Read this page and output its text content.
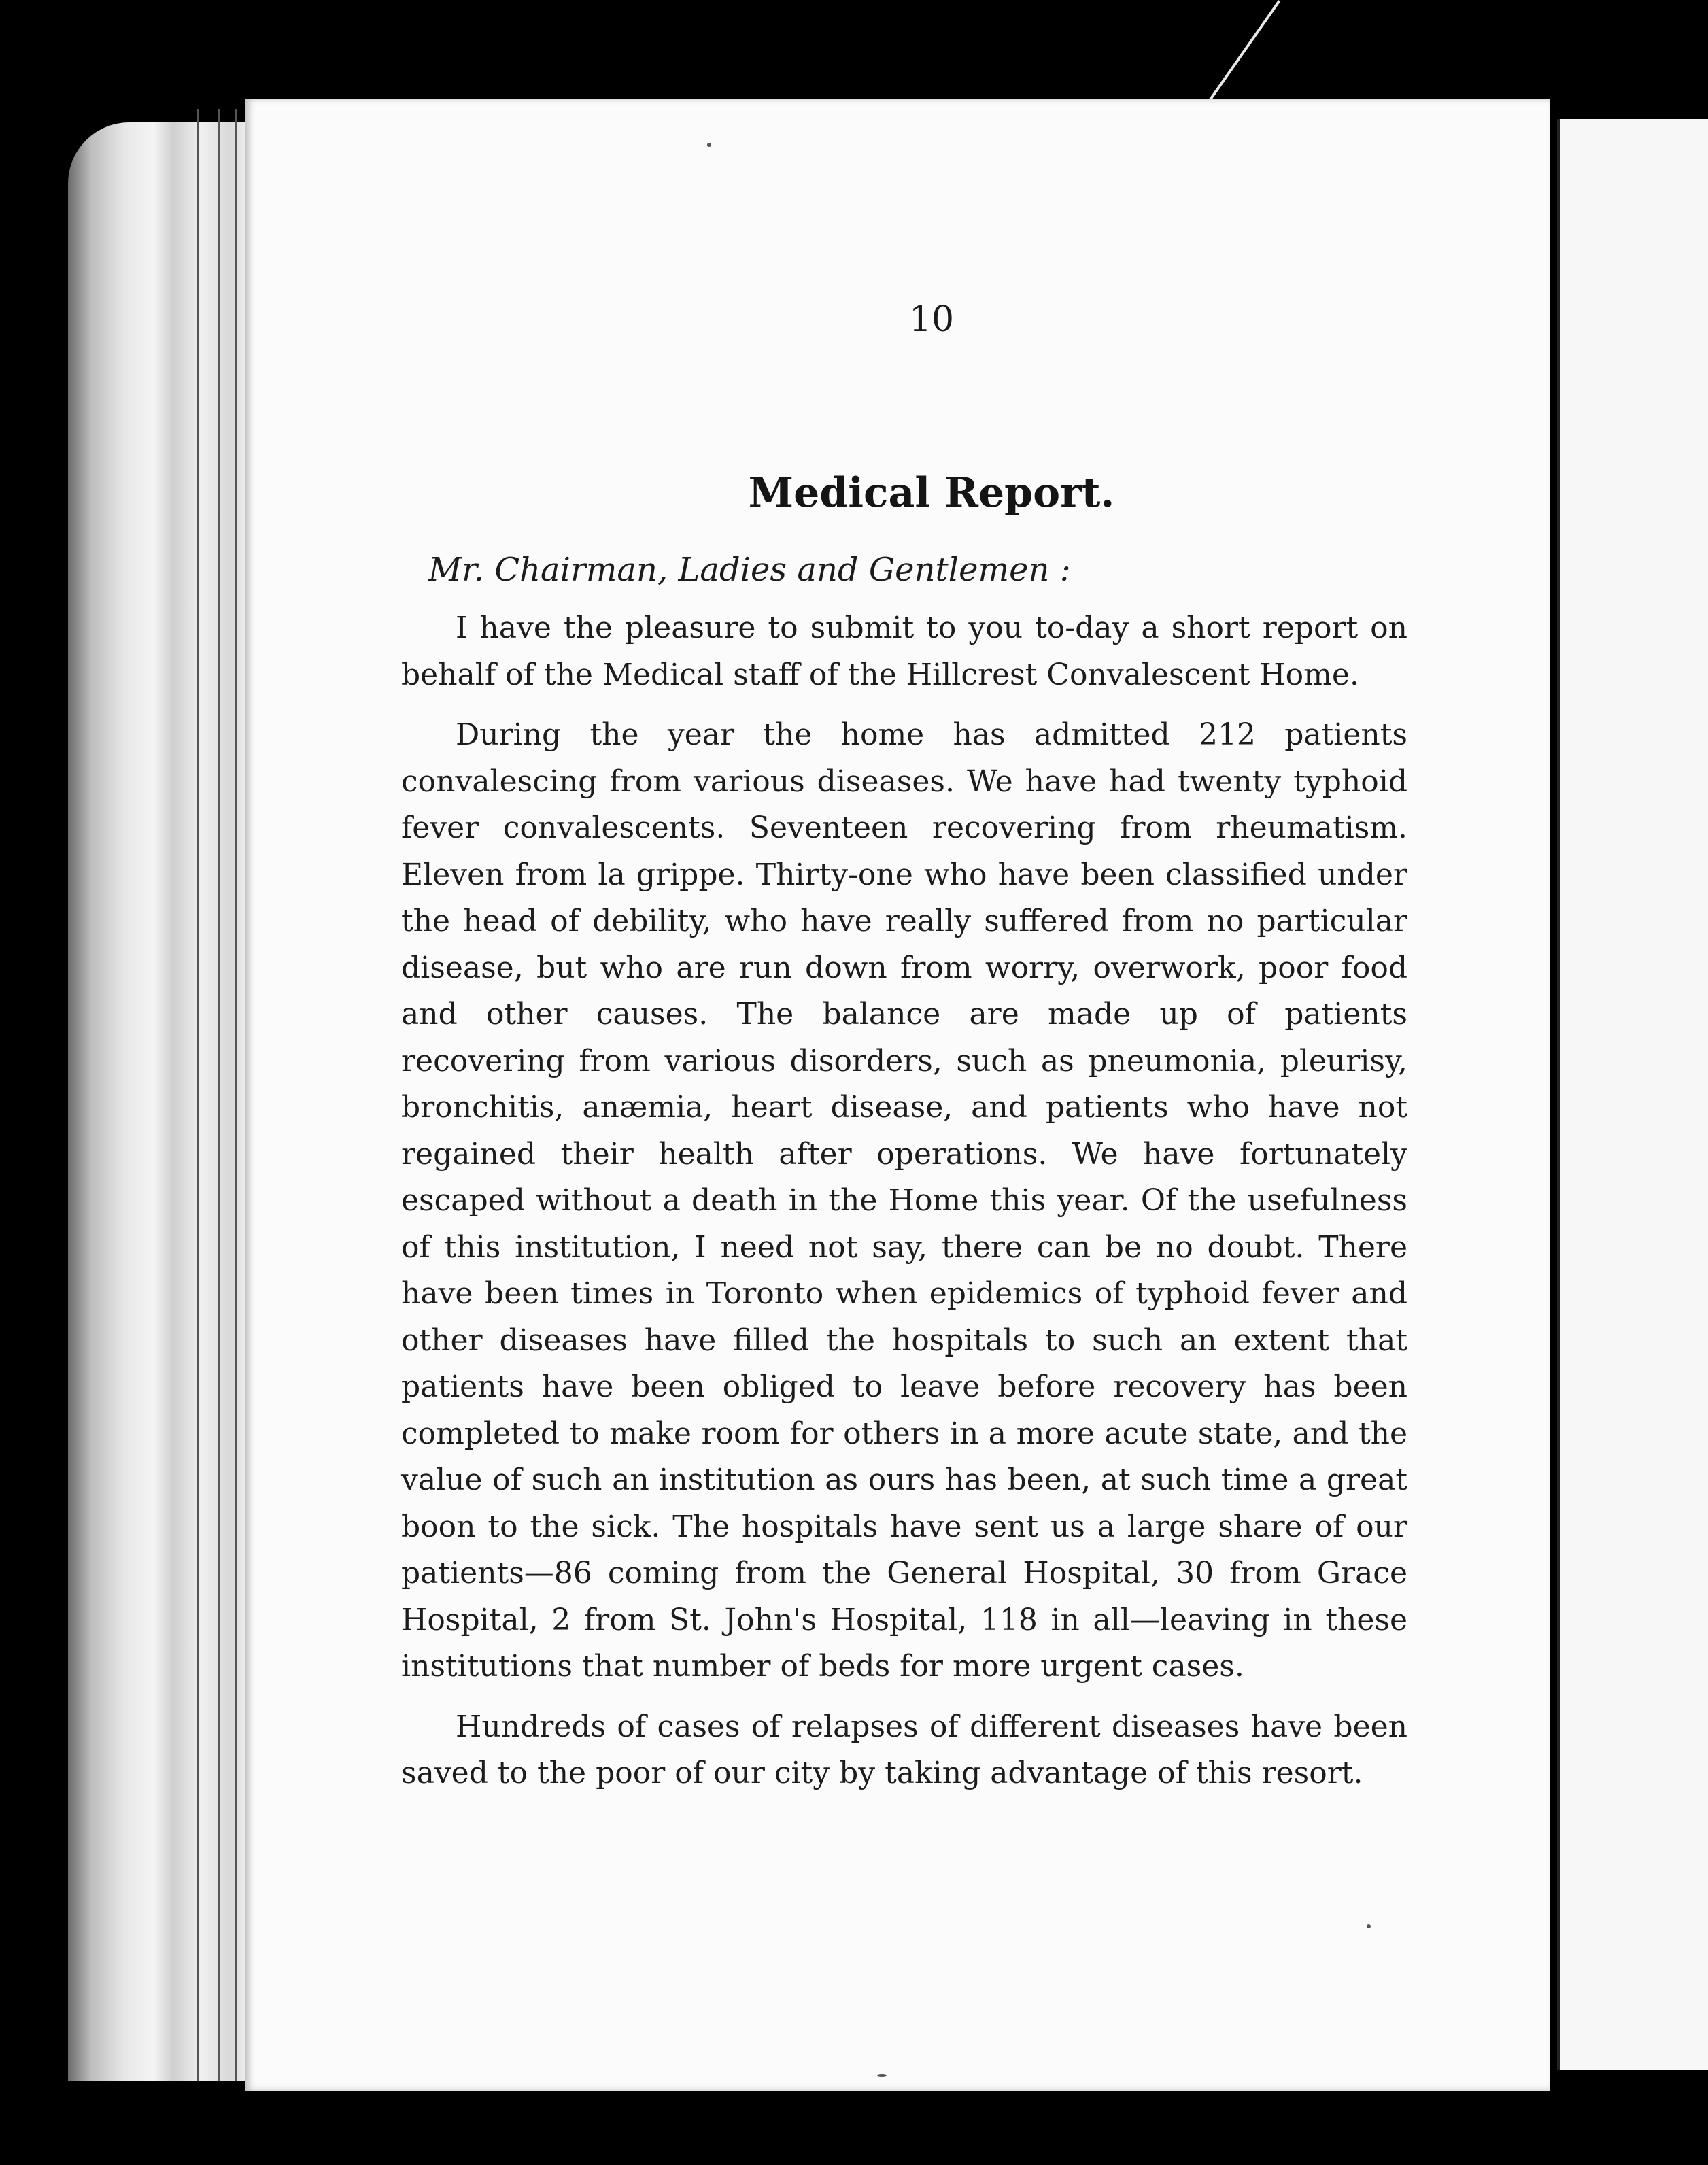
10
Medical Report.
Mr. Chairman, Ladies and Gentlemen :

I have the pleasure to submit to you to-day a short report on behalf of the Medical staff of the Hillcrest Convalescent Home.

During the year the home has admitted 212 patients convalescing from various diseases. We have had twenty typhoid fever convalescents. Seventeen recovering from rheumatism. Eleven from la grippe. Thirty-one who have been classified under the head of debility, who have really suffered from no particular disease, but who are run down from worry, overwork, poor food and other causes. The balance are made up of patients recovering from various disorders, such as pneumonia, pleurisy, bronchitis, anæmia, heart disease, and patients who have not regained their health after operations. We have fortunately escaped without a death in the Home this year. Of the usefulness of this institution, I need not say, there can be no doubt. There have been times in Toronto when epidemics of typhoid fever and other diseases have filled the hospitals to such an extent that patients have been obliged to leave before recovery has been completed to make room for others in a more acute state, and the value of such an institution as ours has been, at such time a great boon to the sick. The hospitals have sent us a large share of our patients—86 coming from the General Hospital, 30 from Grace Hospital, 2 from St. John's Hospital, 118 in all—leaving in these institutions that number of beds for more urgent cases.

Hundreds of cases of relapses of different diseases have been saved to the poor of our city by taking advantage of this resort.
